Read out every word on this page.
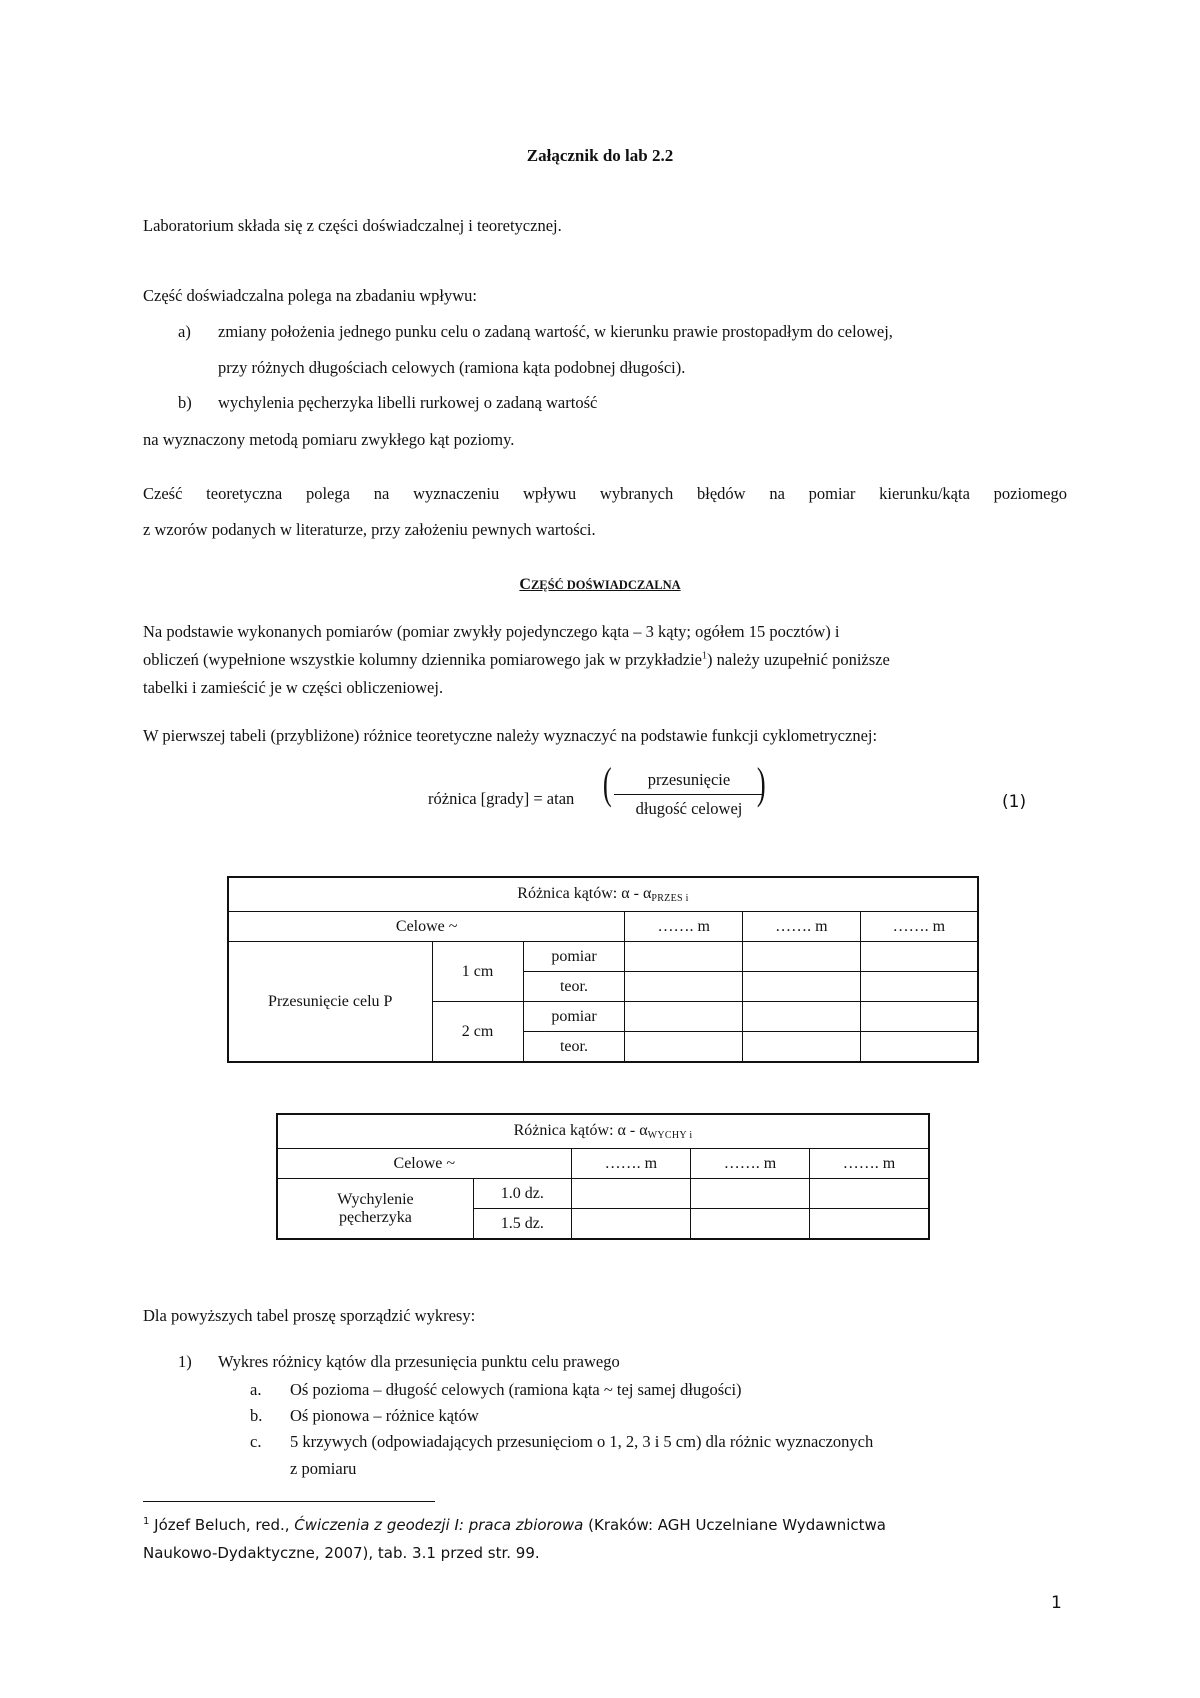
Załącznik do lab 2.2
Laboratorium składa się z części doświadczalnej i teoretycznej.
Część doświadczalna polega na zbadaniu wpływu:
a) zmiany położenia jednego punku celu o zadaną wartość, w kierunku prawie prostopadłym do celowej,
przy różnych długościach celowych (ramiona kąta podobnej długości).
b) wychylenia pęcherzyka libelli rurkowej o zadaną wartość
na wyznaczony metodą pomiaru zwykłego kąt poziomy.
Cześć teoretyczna polega na wyznaczeniu wpływu wybranych błędów na pomiar kierunku/kąta poziomego
z wzorów podanych w literaturze, przy założeniu pewnych wartości.
CZĘŚĆ DOŚWIADCZALNA
Na podstawie wykonanych pomiarów (pomiar zwykły pojedynczego kąta – 3 kąty; ogółem 15 pocztów) i
obliczeń (wypełnione wszystkie kolumny dziennika pomiarowego jak w przykładzie$^1$) należy uzupełnić poniższe
tabelki i zamieścić je w części obliczeniowej.
W pierwszej tabeli (przybliżone) różnice teoretyczne należy wyznaczyć na podstawie funkcji cyklometrycznej:
różnica [grady] = atan (	przesunięcie
długość celowej
)	(1)
Różnica kątów: α - $\alpha_{PRZES i}$
Celowe ~			……. m	……. m	……. m
Przesunięcie celu P	1 cm	pomiar			
		teor.			
	2 cm	pomiar			
		teor.			
Różnica kątów: α - $\alpha_{WYCHY i}$
Celowe ~		……. m	……. m	……. m
Wychylenie
pęcherzyka	1.0 dz.			
	1.5 dz.			
Dla powyższych tabel proszę sporządzić wykresy:
1) Wykres różnicy kątów dla przesunięcia punktu celu prawego
a. Oś pozioma – długość celowych (ramiona kąta ~ tej samej długości)
b. Oś pionowa – różnice kątów
c. 5 krzywych (odpowiadających przesunięciom o 1, 2, 3 i 5 cm) dla różnic wyznaczonych
z pomiaru
$^1$ Józef Beluch, red., Ćwiczenia z geodezji I: praca zbiorowa (Kraków: AGH Uczelniane Wydawnictwa
Naukowo-Dydaktyczne, 2007), tab. 3.1 przed str. 99.
1
